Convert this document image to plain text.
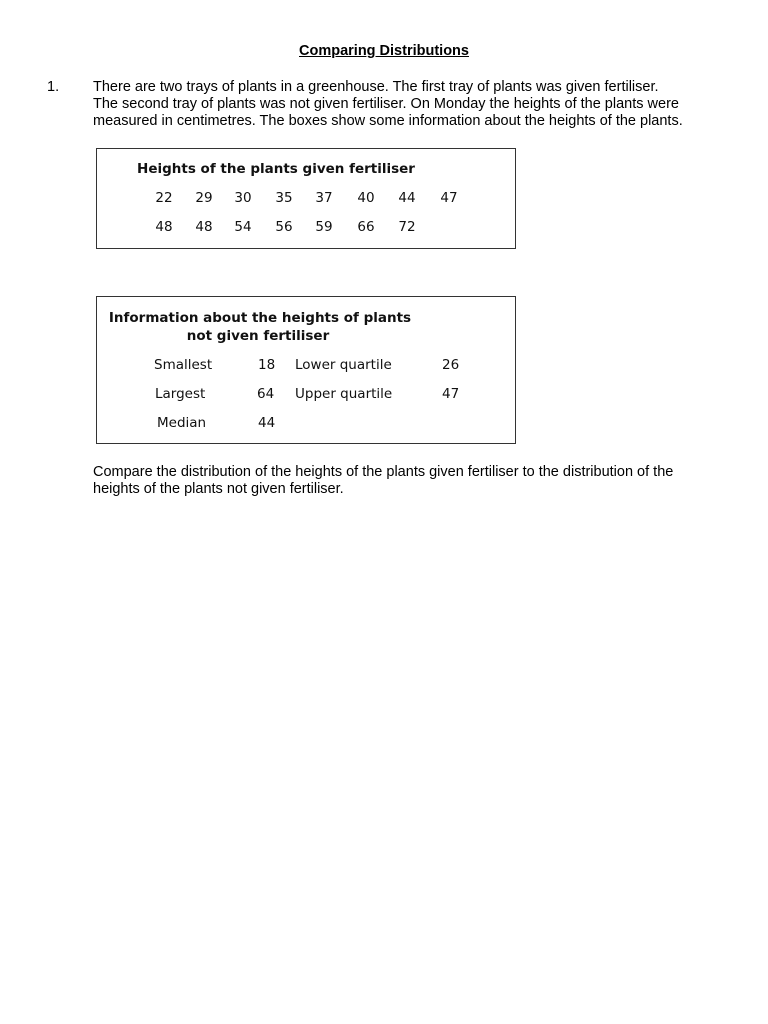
Comparing Distributions
1. There are two trays of plants in a greenhouse. The first tray of plants was given fertiliser.
The second tray of plants was not given fertiliser. On Monday the heights of the plants were
measured in centimetres. The boxes show some information about the heights of the plants.
Heights of the plants given fertiliser
22	29	30	35	37	40	44	47
48	48	54	56	59	66	72
Information about the heights of plants
not given fertiliser
Smallest	18 Lower quartile	26
Largest	64 Upper quartile	47
Median	44
Compare the distribution of the heights of the plants given fertiliser to the distribution of the
heights of the plants not given fertiliser.
